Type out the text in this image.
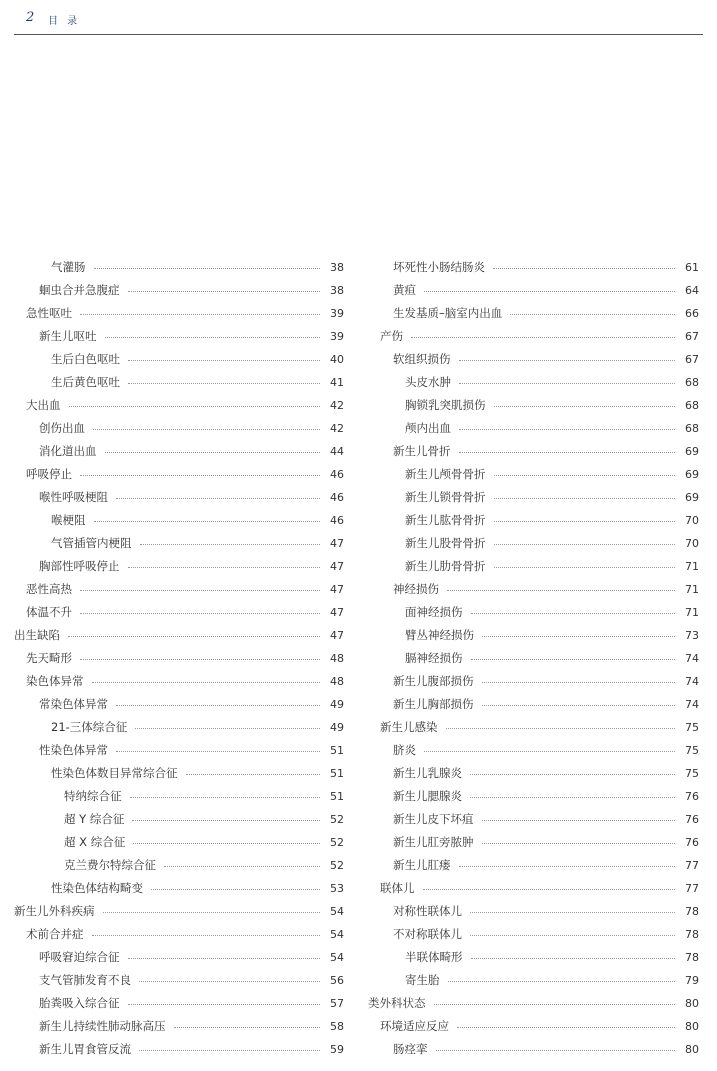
2 目 录
气灌肠	38
蛔虫合并急腹症	38
急性呕吐	39
新生儿呕吐	39
生后白色呕吐	40
生后黄色呕吐	41
大出血	42
创伤出血	42
消化道出血	44
呼吸停止	46
喉性呼吸梗阻	46
喉梗阻	46
气管插管内梗阻	47
胸部性呼吸停止	47
恶性高热	47
体温不升	47
出生缺陷	47
先天畸形	48
染色体异常	48
常染色体异常	49
21-三体综合征	49
性染色体异常	51
性染色体数目异常综合征	51
特纳综合征	51
超 Y 综合征	52
超 X 综合征	52
克兰费尔特综合征	52
性染色体结构畸变	53
新生儿外科疾病	54
术前合并症	54
呼吸窘迫综合征	54
支气管肺发育不良	56
胎粪吸入综合征	57
新生儿持续性肺动脉高压	58
新生儿胃食管反流	59
坏死性小肠结肠炎	61
黄疸	64
生发基质–脑室内出血	66
产伤	67
软组织损伤	67
头皮水肿	68
胸锁乳突肌损伤	68
颅内出血	68
新生儿骨折	69
新生儿颅骨骨折	69
新生儿锁骨骨折	69
新生儿肱骨骨折	70
新生儿股骨骨折	70
新生儿肋骨骨折	71
神经损伤	71
面神经损伤	71
臂丛神经损伤	73
膈神经损伤	74
新生儿腹部损伤	74
新生儿胸部损伤	74
新生儿感染	75
脐炎	75
新生儿乳腺炎	75
新生儿腮腺炎	76
新生儿皮下坏疽	76
新生儿肛旁脓肿	76
新生儿肛瘘	77
联体儿	77
对称性联体儿	78
不对称联体儿	78
半联体畸形	78
寄生胎	79
类外科状态	80
环境适应反应	80
肠痉挛	80
